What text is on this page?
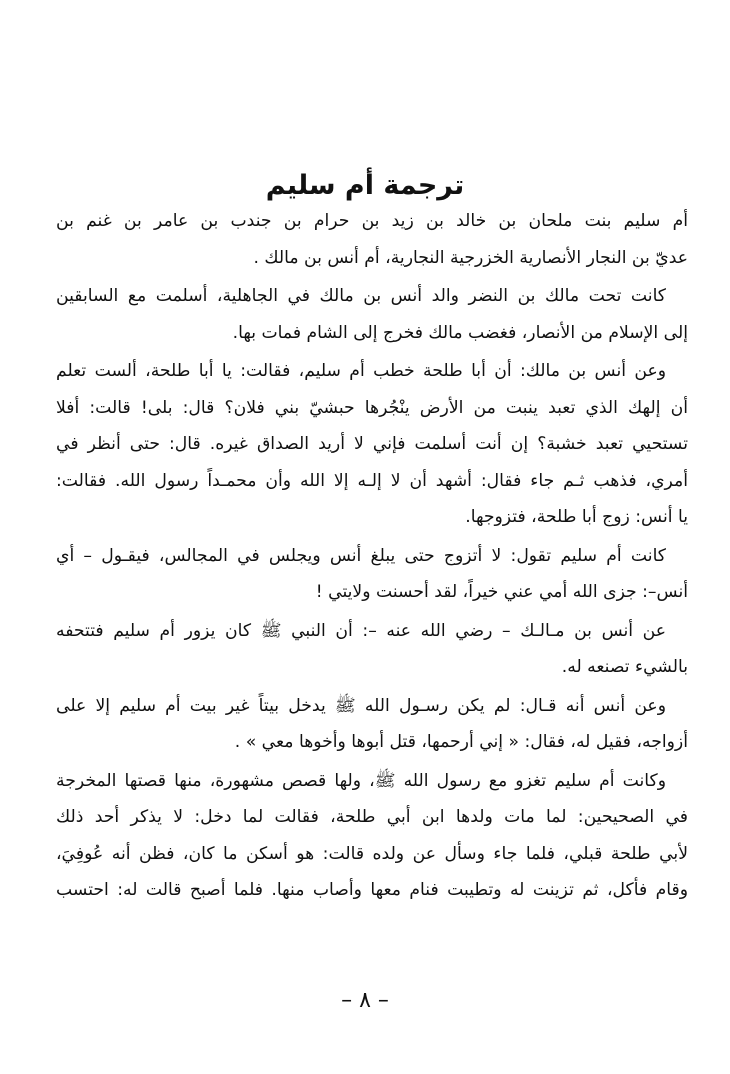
ترجمة أم سليم
أم سليم بنت ملحان بن خالد بن زيد بن حرام بن جندب بن عامر بن غنم بن
عديّ بن النجار الأنصارية الخزرجية النجارية، أم أنس بن مالك .
كانت تحت مالك بن النضر والد أنس بن مالك في الجاهلية، أسلمت مع السابقين
إلى الإسلام من الأنصار، فغضب مالك فخرج إلى الشام فمات بها.
وعن أنس بن مالك: أن أبا طلحة خطب أم سليم، فقالت: يا أبا طلحة، ألست تعلم
أن إلهك الذي تعبد ينبت من الأرض ينْجُرها حبشيّ بني فلان؟ قال: بلى! قالت: أفلا
تستحيي تعبد خشبة؟ إن أنت أسلمت فإني لا أريد الصداق غيره. قال: حتى أنظر في
أمري، فذهب ثـم جاء فقال: أشهد أن لا إلـه إلا الله وأن محمـداً رسول الله. فقالت:
يا أنس: زوج أبا طلحة، فتزوجها.
كانت أم سليم تقول: لا أتزوج حتى يبلغ أنس ويجلس في المجالس، فيقـول – أي
أنس–: جزى الله أمي عني خيراً، لقد أحسنت ولايتي !
عن أنس بن مـالـك – رضي الله عنه –: أن النبي ﷺ كان يزور أم سليم فتتحفه
بالشيء تصنعه له.
وعن أنس أنه قـال: لم يكن رسـول الله ﷺ يدخل بيتاً غير بيت أم سليم إلا على
أزواجه، فقيل له، فقال: « إني أرحمها، قتل أبوها وأخوها معي » .
وكانت أم سليم تغزو مع رسول الله ﷺ، ولها قصص مشهورة، منها قصتها المخرجة
في الصحيحين: لما مات ولدها ابن أبي طلحة، فقالت لما دخل: لا يذكر أحد ذلك
لأبي طلحة قبلي، فلما جاء وسأل عن ولده قالت: هو أسكن ما كان، فظن أنه عُوفِيَ،
وقام فأكل، ثم تزينت له وتطيبت فنام معها وأصاب منها. فلما أصبح قالت له: احتسب
– ٨ –
